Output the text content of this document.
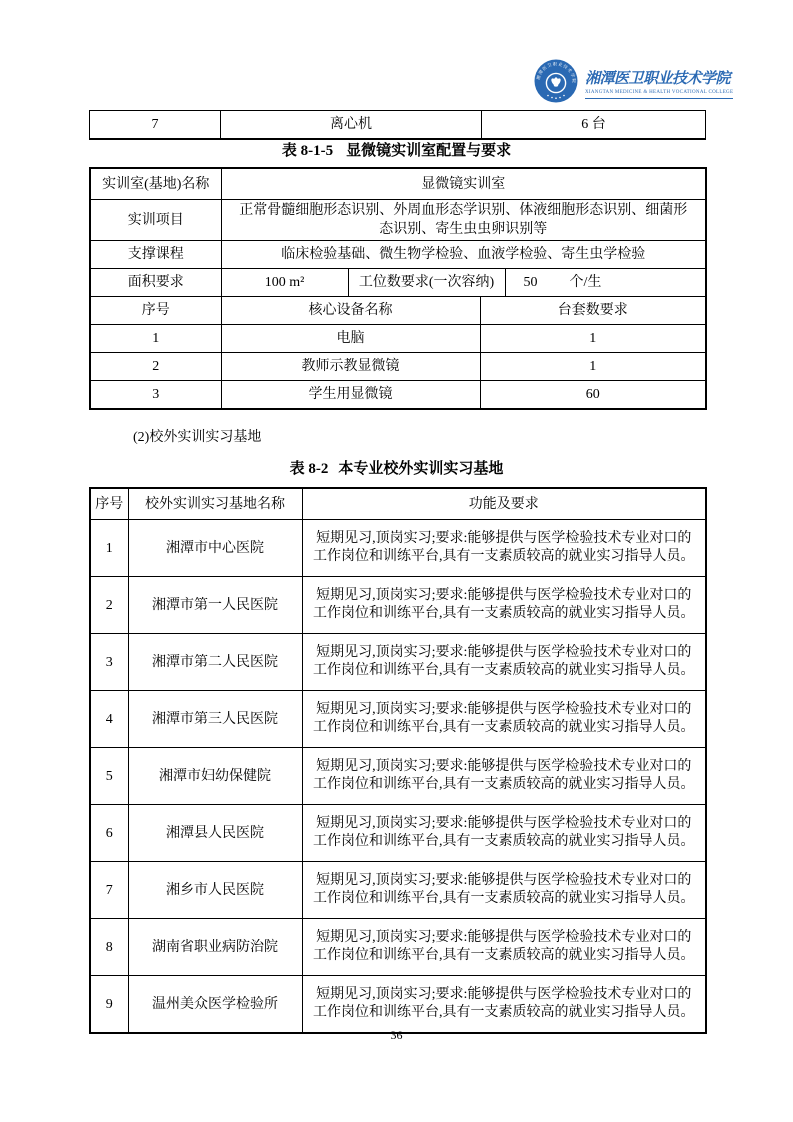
湘潭医卫职业技术学院 湘潭医卫职业技术学院
XIANGTAN MEDICINE & HEALTH VOCATIONAL COLLEGE
7	离心机	6 台
表 8-1-5 显微镜实训室配置与要求
实训室(基地)名称	显微镜实训室			
实训项目	正常骨髓细胞形态识别、外周血形态学识别、体液细胞形态识别、细菌形态识别、寄生虫虫卵识别等			
支撑课程	临床检验基础、微生物学检验、血液学检验、寄生虫学检验			
面积要求	100 m²	工位数要求(一次容纳)		50 个/生
序号	核心设备名称		台套数要求	
1	电脑		1	
2	教师示教显微镜		1	
3	学生用显微镜		60	
(2)校外实训实习基地
表 8-2 本专业校外实训实习基地
序号	校外实训实习基地名称	功能及要求
1	湘潭市中心医院	短期见习,顶岗实习;要求:能够提供与医学检验技术专业对口的工作岗位和训练平台,具有一支素质较高的就业实习指导人员。
2	湘潭市第一人民医院	短期见习,顶岗实习;要求:能够提供与医学检验技术专业对口的工作岗位和训练平台,具有一支素质较高的就业实习指导人员。
3	湘潭市第二人民医院	短期见习,顶岗实习;要求:能够提供与医学检验技术专业对口的工作岗位和训练平台,具有一支素质较高的就业实习指导人员。
4	湘潭市第三人民医院	短期见习,顶岗实习;要求:能够提供与医学检验技术专业对口的工作岗位和训练平台,具有一支素质较高的就业实习指导人员。
5	湘潭市妇幼保健院	短期见习,顶岗实习;要求:能够提供与医学检验技术专业对口的工作岗位和训练平台,具有一支素质较高的就业实习指导人员。
6	湘潭县人民医院	短期见习,顶岗实习;要求:能够提供与医学检验技术专业对口的工作岗位和训练平台,具有一支素质较高的就业实习指导人员。
7	湘乡市人民医院	短期见习,顶岗实习;要求:能够提供与医学检验技术专业对口的工作岗位和训练平台,具有一支素质较高的就业实习指导人员。
8	湖南省职业病防治院	短期见习,顶岗实习;要求:能够提供与医学检验技术专业对口的工作岗位和训练平台,具有一支素质较高的就业实习指导人员。
9	温州美众医学检验所	短期见习,顶岗实习;要求:能够提供与医学检验技术专业对口的工作岗位和训练平台,具有一支素质较高的就业实习指导人员。
36
